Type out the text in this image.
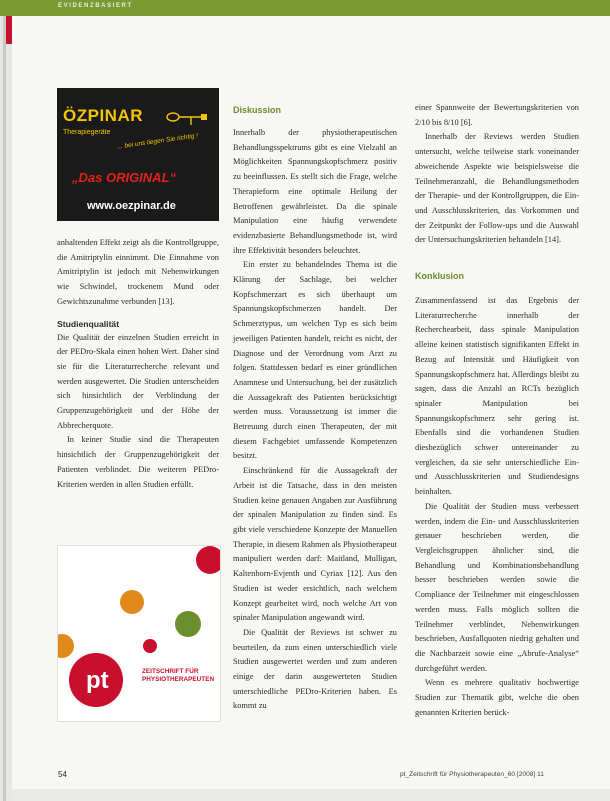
EVIDENZBASIERT
ÖZPINAR
Therapiegeräte ... bei uns liegen Sie richtig !
„Das ORIGINAL“
www.oezpinar.de

anhaltenden Effekt zeigt als die Kontrollgruppe, die Amitriptylin einnimmt. Die Einnahme von Amitriptylin ist jedoch mit Nebenwirkungen wie Schwindel, trockenem Mund oder Gewichtszunahme verbunden [13].

Studienqualität

Die Qualität der einzelnen Studien erreicht in der PEDro-Skala einen hohen Wert. Daher sind sie für die Literaturrecherche relevant und werden ausgewertet. Die Studien unterscheiden sich hinsichtlich der Verblindung der Gruppenzugehörigkeit und der Höhe der Abbrecherquote.

In keiner Studie sind die Therapeuten hinsichtlich der Gruppenzugehörigkeit der Patienten verblindet. Die weiteren PEDro-Kriterien werden in allen Studien erfüllt.

pt	ZEITSCHRIFT FÜR PHYSIOTHERAPEUTEN

Diskussion

Innerhalb der physiotherapeutischen Behandlungsspektrums gibt es eine Vielzahl an Möglichkeiten Spannungskopfschmerz positiv zu beeinflussen. Es stellt sich die Frage, welche Therapieform eine optimale Heilung der Betroffenen gewährleistet. Da die spinale Manipulation eine häufig verwendete evidenzbasierte Behandlungsmethode ist, wird ihre Effektivität besonders beleuchtet.

Ein erster zu behandelndes Thema ist die Klärung der Sachlage, bei welcher Kopfschmerzart es sich überhaupt um Spannungskopfschmerzen handelt. Der Schmerztypus, um welchen Typ es sich beim jeweiligen Patienten handelt, reicht es nicht, der Diagnose und der Verordnung vom Arzt zu folgen. Stattdessen bedarf es einer gründlichen Anamnese und Untersuchung, bei der zusätzlich die Aussagekraft des Patienten berücksichtigt werden muss. Voraussetzung ist immer die Betreuung durch einen Therapeuten, der mit diesem Fachgebiet umfassende Kompetenzen besitzt.

Einschränkend für die Aussagekraft der Arbeit ist die Tatsache, dass in den meisten Studien keine genauen Angaben zur Ausführung der spinalen Manipulation zu finden sind. Es gibt viele verschiedene Konzepte der Manuellen Therapie, in diesem Rahmen als Physiotherapeut manipuliert werden darf: Maitland, Mulligan, Kaltenborn-Evjenth und Cyriax [12]. Aus den Studien ist weder ersichtlich, nach welchem Konzept gearbeitet wird, noch welche Art von spinaler Manipulation angewandt wird.

Die Qualität der Reviews ist schwer zu beurteilen, da zum einen unterschiedlich viele Studien ausgewertet werden und zum anderen einige der darin ausgewerteten Studien unterschiedliche PEDro-Kriterien haben. Es kommt zu

einer Spannweite der Bewertungskriterien von 2/10 bis 8/10 [6].

Innerhalb der Reviews werden Studien untersucht, welche teilweise stark voneinander abweichende Aspekte wie beispielsweise die Teilnehmeranzahl, die Behandlungsmethoden der Therapie- und der Kontrollgruppen, die Ein- und Ausschlusskriterien, das Vorkommen und der Zeitpunkt der Follow-ups und die Auswahl der Untersuchungskriterien behandeln [14].

Konklusion

Zusammenfassend ist das Ergebnis der Literaturrecherche innerhalb der Recherchearbeit, dass spinale Manipulation alleine keinen statistisch signifikanten Effekt in Bezug auf Intensität und Häufigkeit von Spannungskopfschmerz hat. Allerdings bleibt zu sagen, dass die Anzahl an RCTs bezüglich spinaler Manipulation bei Spannungskopfschmerz sehr gering ist. Ebenfalls sind die vorhandenen Studien diesbezüglich schwer untereinander zu vergleichen, da sie sehr unterschiedliche Ein- und Ausschlusskriterien und Studiendesigns beinhalten.

Die Qualität der Studien muss verbessert werden, indem die Ein- und Ausschlusskriterien genauer beschrieben werden, die Vergleichsgruppen ähnlicher sind, die Behandlung und Kombinationsbehandlung besser beschrieben werden sowie die Compliance der Teilnehmer mit eingeschlossen werden muss. Falls möglich sollten die Teilnehmer verblindet, Nebenwirkungen beschrieben, Ausfallquoten niedrig gehalten und die Nachbarzeit sowie eine „Abrufe-Analyse“ durchgeführt werden.

Wenn es mehrere qualitativ hochwertige Studien zur Thematik gibt, welche die oben genannten Kriterien berück-

54	pt_Zeitschrift für Physiotherapeuten_60 [2008] 11
